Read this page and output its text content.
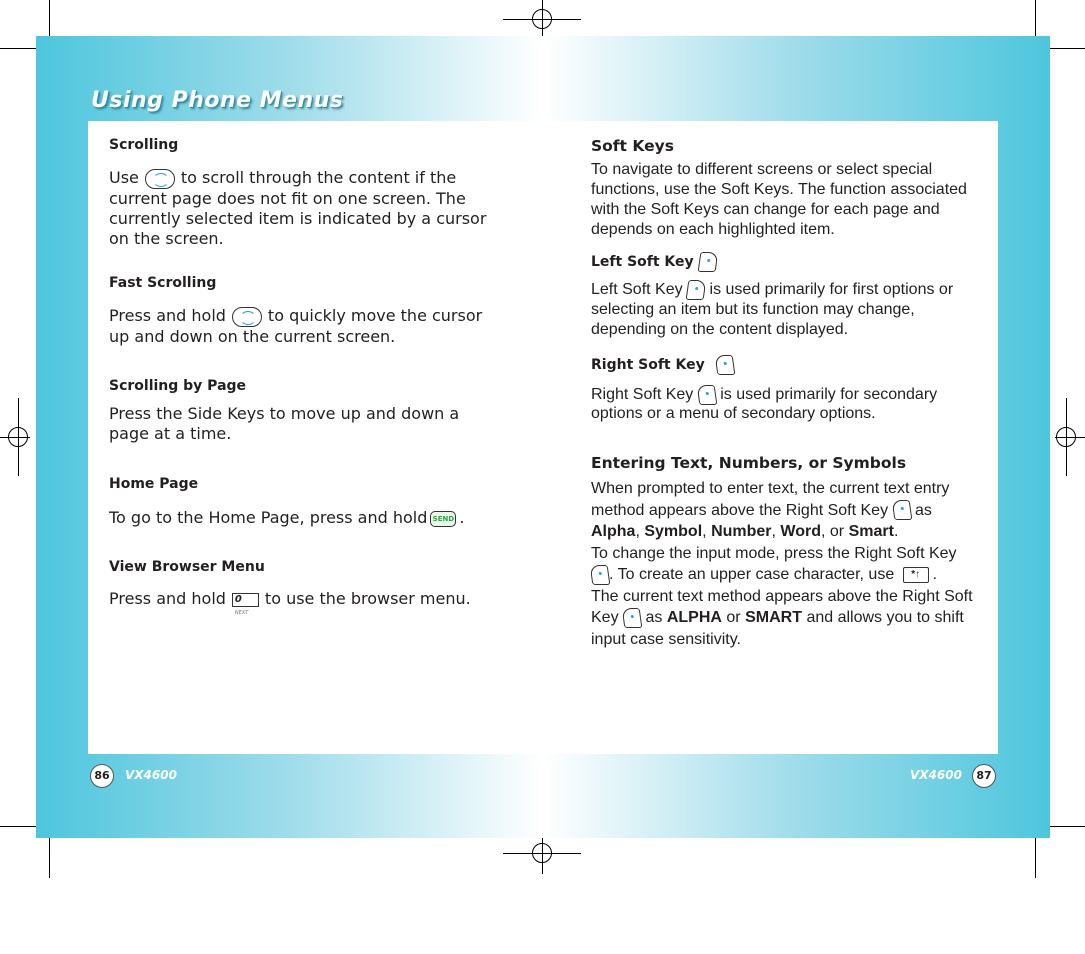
Using Phone Menus
Scrolling
Use	to scroll through the content if the current page does not fit on one screen. The currently selected item is indicated by a cursor on the screen.
Fast Scrolling
Press and hold	to quickly move the cursor up and down on the current screen.
Scrolling by Page
Press the Side Keys to move up and down a page at a time.
Home Page
To go to the Home Page, press and hold SEND .
View Browser Menu
Press and hold 0 NEXTto use the browser menu.
Soft Keys
To navigate to different screens or select special functions, use the Soft Keys. The function associated with the Soft Keys can change for each page and depends on each highlighted item.
Left Soft Key
Left Soft Key is used primarily for first options or selecting an item but its function may change, depending on the content displayed.
Right Soft Key
Right Soft Key is used primarily for secondary options or a menu of secondary options.
Entering Text, Numbers, or Symbols
When prompted to enter text, the current text entry method appears above the Right Soft Key as
Alpha, Symbol, Number, Word, or Smart.
To change the input mode, press the Right Soft Key
. To create an upper case character, use *↑ .
The current text method appears above the Right Soft Key as ALPHA or SMART and allows you to shift input case sensitivity.
86	VX4600	VX4600	87
